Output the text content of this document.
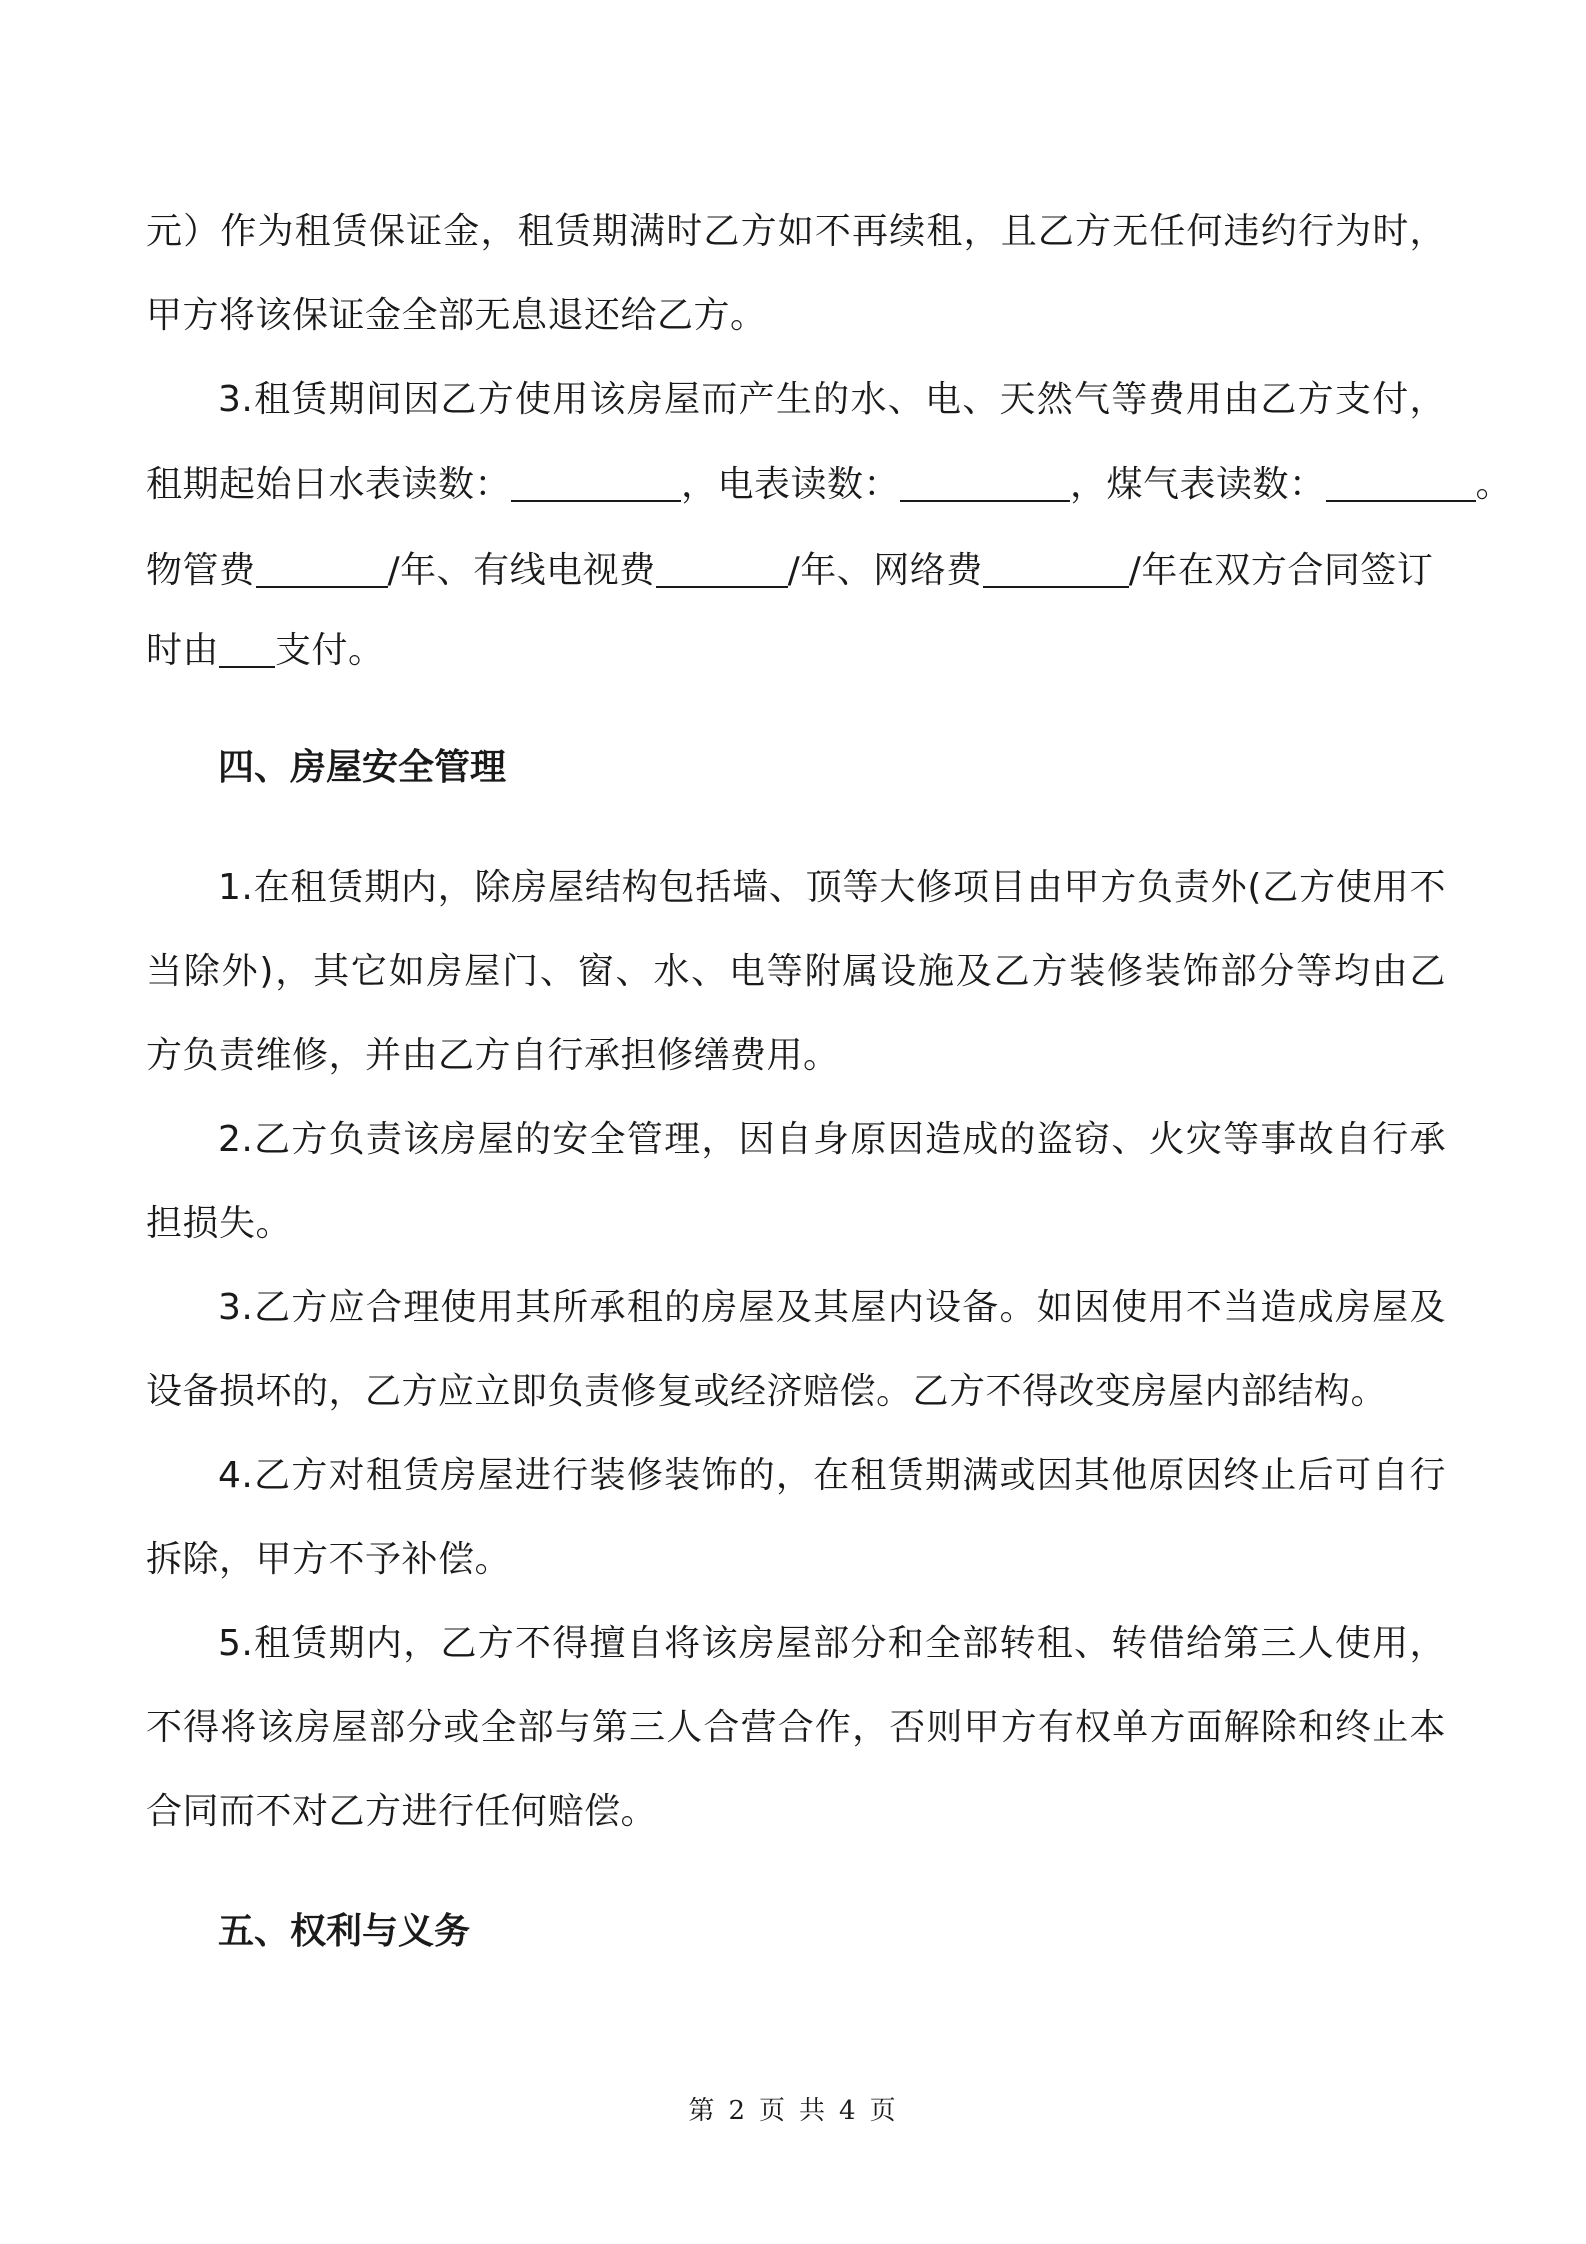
元）作为租赁保证金，租赁期满时乙方如不再续租，且乙方无任何违约行为时，
甲方将该保证金全部无息退还给乙方。
3.租赁期间因乙方使用该房屋而产生的水、电、天然气等费用由乙方支付，
租期起始日水表读数：	，电表读数：	，煤气表读数：	。
物管费	/年、有线电视费	/年、网络费	/年在双方合同签订
时由 支付。
四、房屋安全管理
1.在租赁期内，除房屋结构包括墙、顶等大修项目由甲方负责外(乙方使用不
当除外)，其它如房屋门、窗、水、电等附属设施及乙方装修装饰部分等均由乙
方负责维修，并由乙方自行承担修缮费用。
2.乙方负责该房屋的安全管理，因自身原因造成的盗窃、火灾等事故自行承
担损失。
3.乙方应合理使用其所承租的房屋及其屋内设备。如因使用不当造成房屋及
设备损坏的，乙方应立即负责修复或经济赔偿。乙方不得改变房屋内部结构。
4.乙方对租赁房屋进行装修装饰的，在租赁期满或因其他原因终止后可自行
拆除，甲方不予补偿。
5.租赁期内，乙方不得擅自将该房屋部分和全部转租、转借给第三人使用，
不得将该房屋部分或全部与第三人合营合作，否则甲方有权单方面解除和终止本
合同而不对乙方进行任何赔偿。
五、权利与义务
第 2 页 共 4 页
